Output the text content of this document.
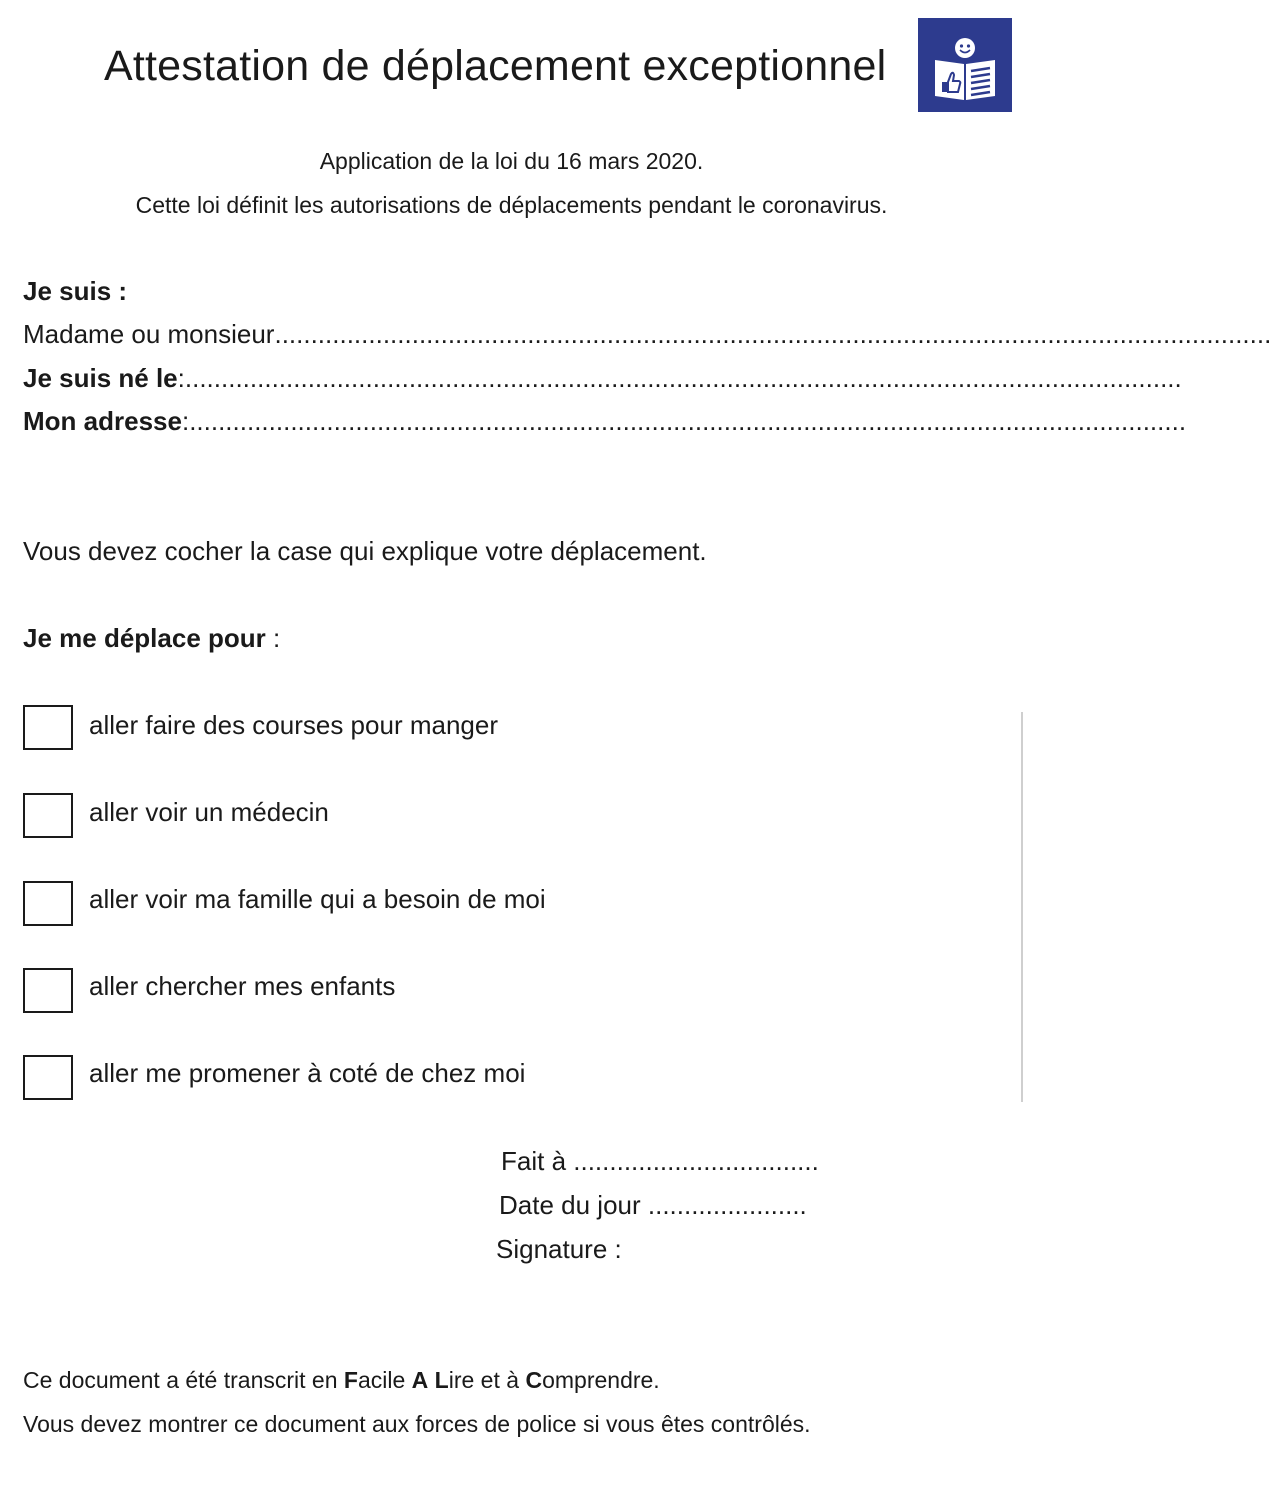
Attestation de déplacement exceptionnel
Application de la loi du 16 mars 2020.
Cette loi définit les autorisations de déplacements pendant le coronavirus.
Je suis :
Madame ou monsieur ..........................................................................................................................................
Je suis né le : ..........................................................................................................................................
Mon adresse : ..........................................................................................................................................
Vous devez cocher la case qui explique votre déplacement.
Je me déplace pour :
aller faire des courses pour manger
aller voir un médecin
aller voir ma famille qui a besoin de moi
aller chercher mes enfants
aller me promener à coté de chez moi
Fait à ..................................
Date du jour ......................
Signature :
Ce document a été transcrit en Facile A Lire et à Comprendre.
Vous devez montrer ce document aux forces de police si vous êtes contrôlés.
